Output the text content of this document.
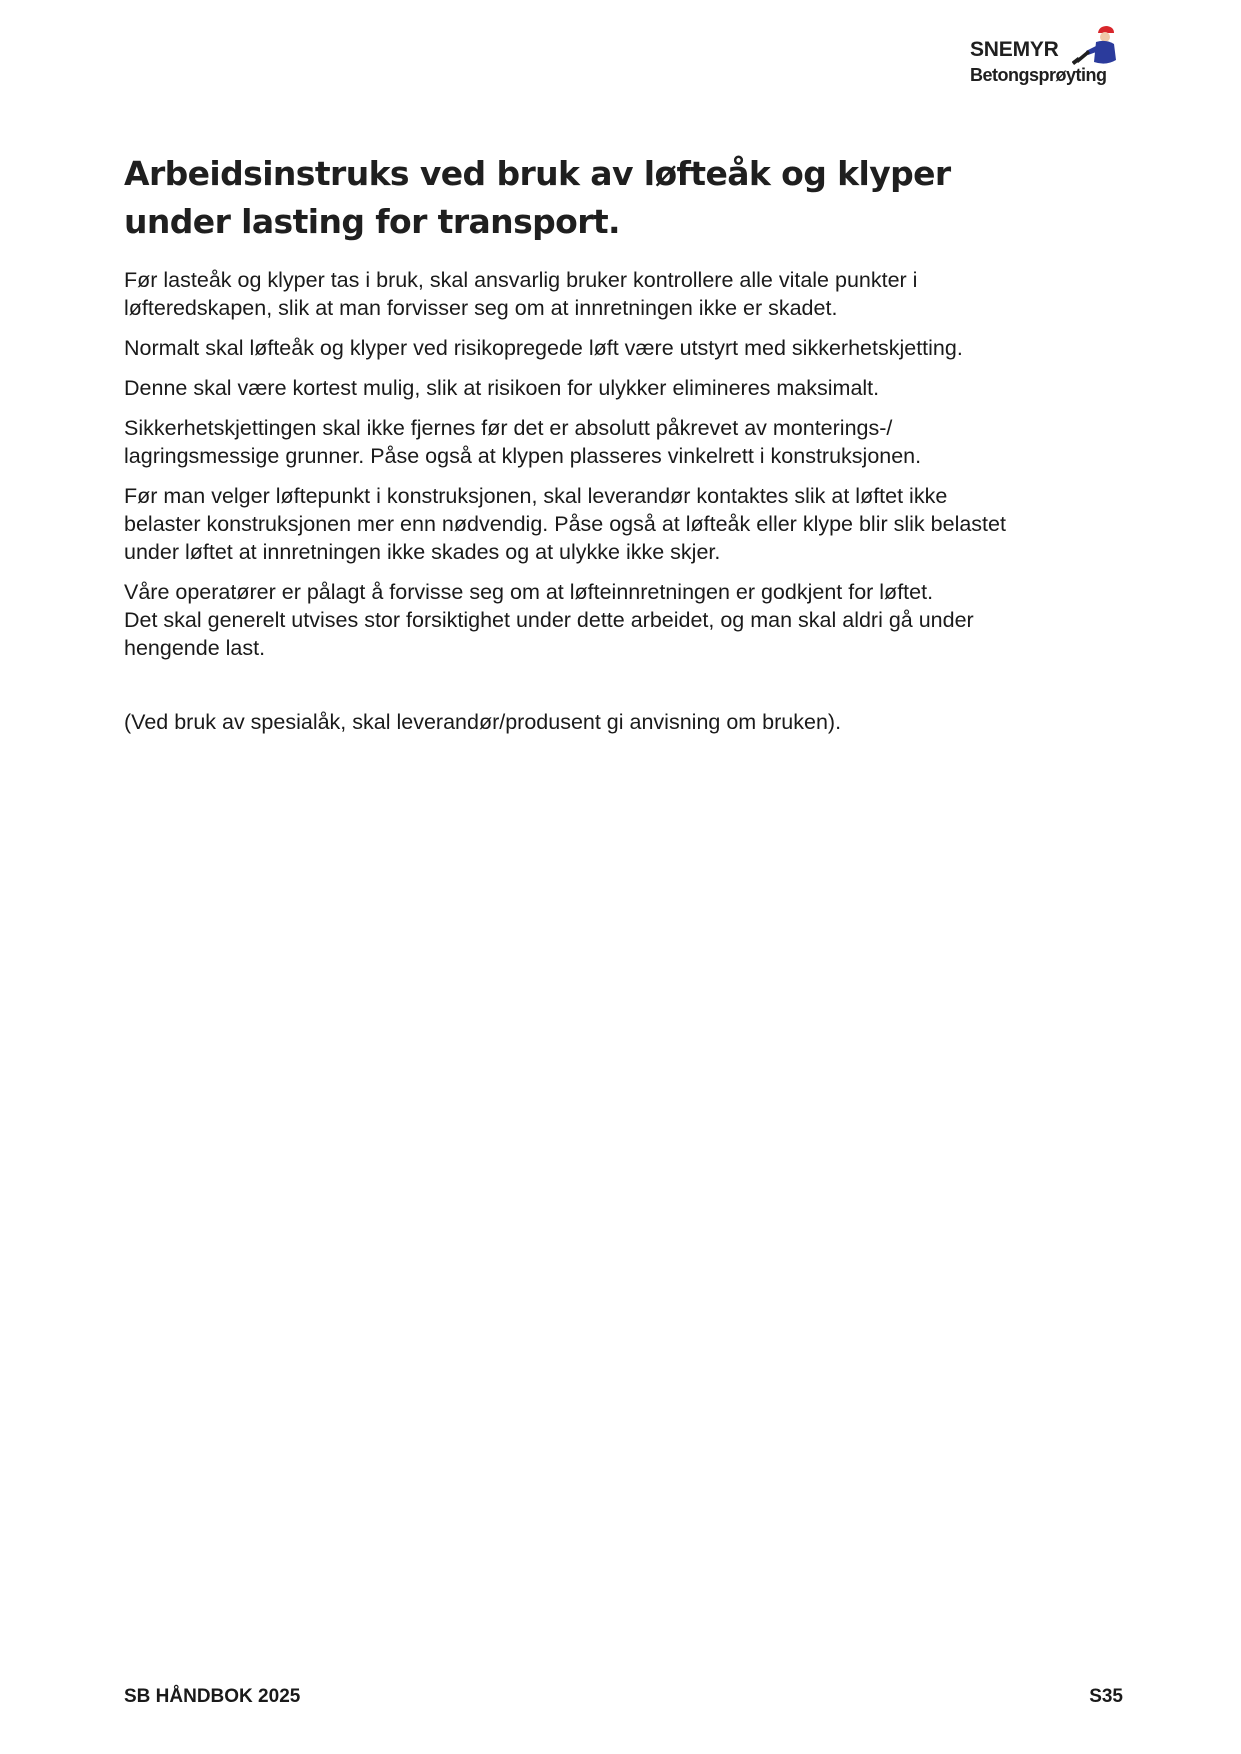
SNEMYR
Betongsprøyting
Arbeidsinstruks ved bruk av løfteåk og klyper
under lasting for transport.

Før lasteåk og klyper tas i bruk, skal ansvarlig bruker kontrollere alle vitale punkter i
løfteredskapen, slik at man forvisser seg om at innretningen ikke er skadet.

Normalt skal løfteåk og klyper ved risikopregede løft være utstyrt med sikkerhetskjetting.

Denne skal være kortest mulig, slik at risikoen for ulykker elimineres maksimalt.

Sikkerhetskjettingen skal ikke fjernes før det er absolutt påkrevet av monterings-/
lagringsmessige grunner. Påse også at klypen plasseres vinkelrett i konstruksjonen.

Før man velger løftepunkt i konstruksjonen, skal leverandør kontaktes slik at løftet ikke
belaster konstruksjonen mer enn nødvendig. Påse også at løfteåk eller klype blir slik belastet
under løftet at innretningen ikke skades og at ulykke ikke skjer.

Våre operatører er pålagt å forvisse seg om at løfteinnretningen er godkjent for løftet.
Det skal generelt utvises stor forsiktighet under dette arbeidet, og man skal aldri gå under
hengende last.

(Ved bruk av spesialåk, skal leverandør/produsent gi anvisning om bruken).

SB HÅNDBOK 2025	S35
